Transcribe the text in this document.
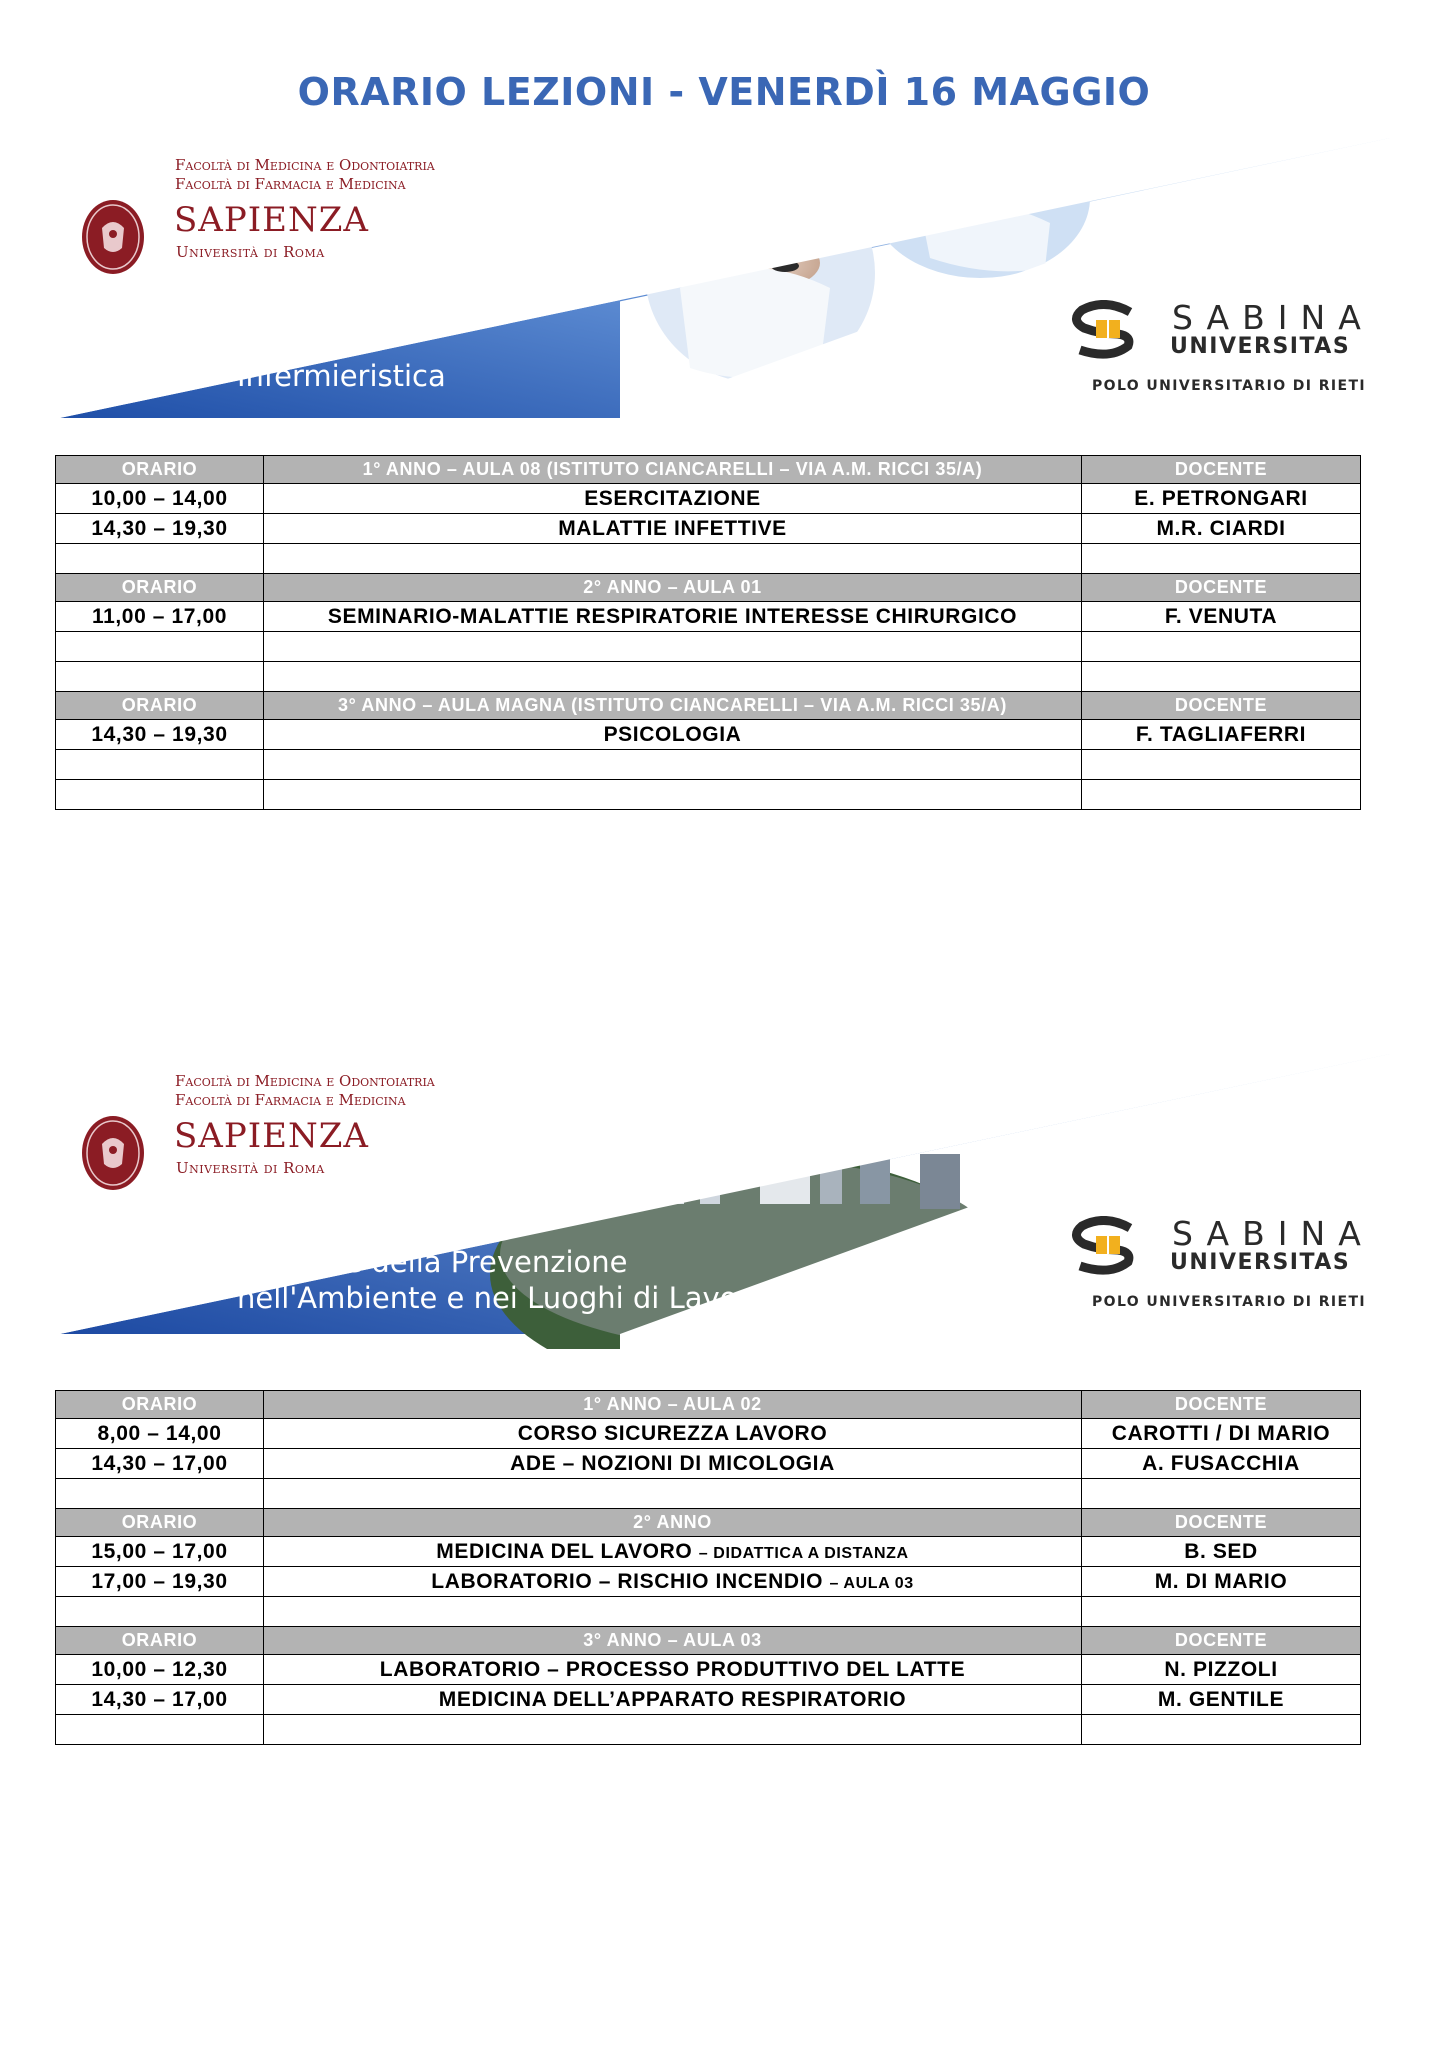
ORARIO LEZIONI - VENERDÌ 16 MAGGIO
Facoltà di Medicina e Odontoiatria
Facoltà di Farmacia e Medicina
SAPIENZA
Università di Roma
Infermieristica
SABINA
UNIVERSITAS
POLO UNIVERSITARIO DI RIETI
ORARIO	1° ANNO – AULA 08 (ISTITUTO CIANCARELLI – VIA A.M. RICCI 35/A)	DOCENTE
10,00 – 14,00	ESERCITAZIONE	E. PETRONGARI
14,30 – 19,30	MALATTIE INFETTIVE	M.R. CIARDI

ORARIO	2° ANNO – AULA 01	DOCENTE
11,00 – 17,00	SEMINARIO-MALATTIE RESPIRATORIE INTERESSE CHIRURGICO	F. VENUTA

ORARIO	3° ANNO – AULA MAGNA (ISTITUTO CIANCARELLI – VIA A.M. RICCI 35/A)	DOCENTE
14,30 – 19,30	PSICOLOGIA	F. TAGLIAFERRI

Facoltà di Medicina e Odontoiatria
Facoltà di Farmacia e Medicina
SAPIENZA
Università di Roma
Tecniche della Prevenzione
nell'Ambiente e nei Luoghi di Lavoro
SABINA
UNIVERSITAS
POLO UNIVERSITARIO DI RIETI
ORARIO	1° ANNO – AULA 02	DOCENTE
8,00 – 14,00	CORSO SICUREZZA LAVORO	CAROTTI / DI MARIO
14,30 – 17,00	ADE – NOZIONI DI MICOLOGIA	A. FUSACCHIA

ORARIO	2° ANNO	DOCENTE
15,00 – 17,00	MEDICINA DEL LAVORO – DIDATTICA A DISTANZA	B. SED
17,00 – 19,30	LABORATORIO – RISCHIO INCENDIO – AULA 03	M. DI MARIO

ORARIO	3° ANNO – AULA 03	DOCENTE
10,00 – 12,30	LABORATORIO – PROCESSO PRODUTTIVO DEL LATTE	N. PIZZOLI
14,30 – 17,00	MEDICINA DELL’APPARATO RESPIRATORIO	M. GENTILE
